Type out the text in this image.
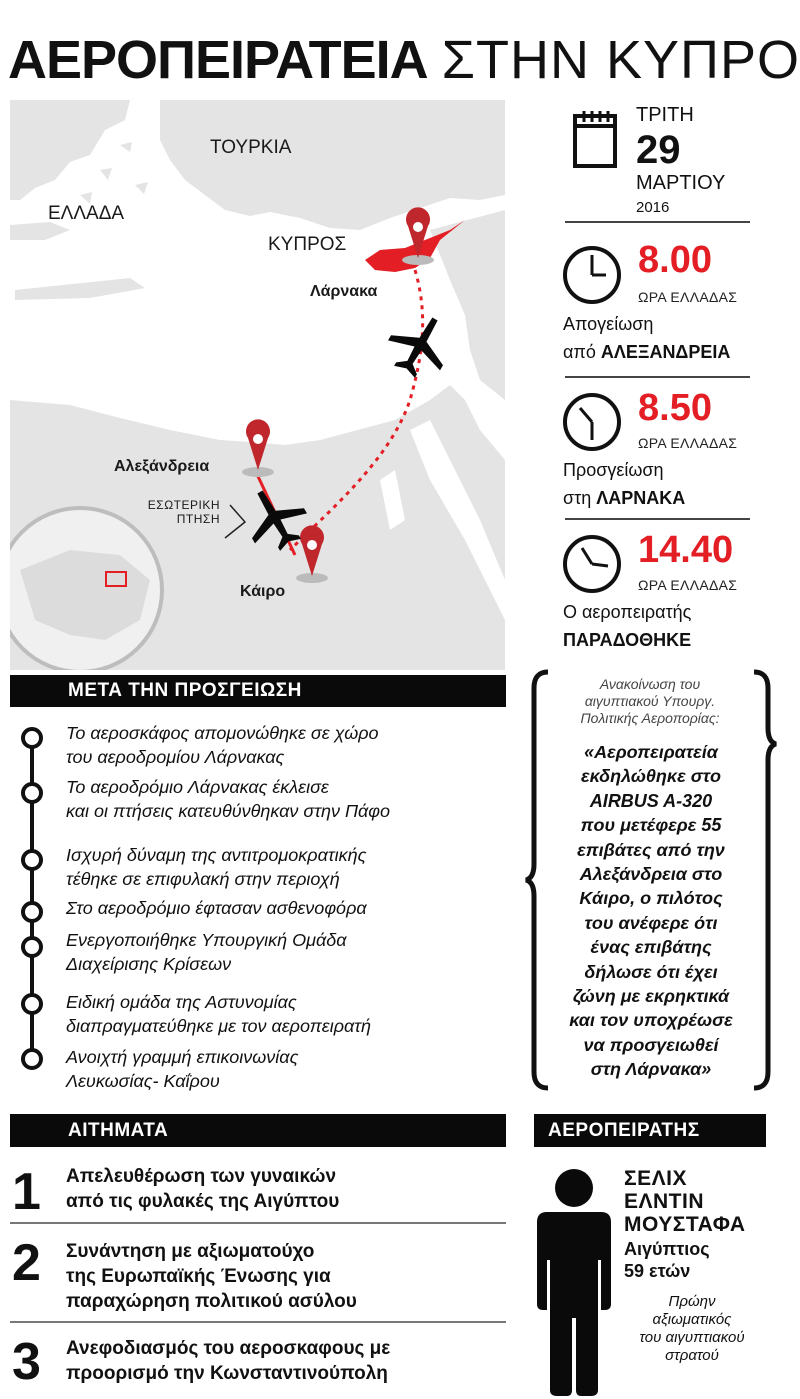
ΑΕΡΟΠΕΙΡΑΤΕΙΑ ΣΤΗΝ ΚΥΠΡΟ
ΤΟΥΡΚΙΑ
ΕΛΛΑΔΑ
ΚΥΠΡΟΣ
Λάρνακα
Αλεξάνδρεια
Κάιρο
ΕΣΩΤΕΡΙΚΗ
ΠΤΗΣΗ
ΤΡΙΤΗ
29
ΜΑΡΤΙΟΥ
2016
8.00
ΩΡΑ ΕΛΛΑΔΑΣ
Απογείωση
από ΑΛΕΞΑΝΔΡΕΙΑ
8.50
ΩΡΑ ΕΛΛΑΔΑΣ
Προσγείωση
στη ΛΑΡΝΑΚΑ
14.40
ΩΡΑ ΕΛΛΑΔΑΣ
Ο αεροπειρατής
ΠΑΡΑΔΟΘΗΚΕ
ΜΕΤΑ ΤΗΝ ΠΡΟΣΓΕΙΩΣΗ
Το αεροσκάφος απομονώθηκε σε χώρο
του αεροδρομίου Λάρνακας
Το αεροδρόμιο Λάρνακας έκλεισε
και οι πτήσεις κατευθύνθηκαν στην Πάφο
Ισχυρή δύναμη της αντιτρομοκρατικής
τέθηκε σε επιφυλακή στην περιοχή
Στο αεροδρόμιο έφτασαν ασθενοφόρα
Ενεργοποιήθηκε Υπουργική Ομάδα
Διαχείρισης Κρίσεων
Ειδική ομάδα της Αστυνομίας
διαπραγματεύθηκε με τον αεροπειρατή
Ανοιχτή γραμμή επικοινωνίας
Λευκωσίας- Καΐρου
Ανακοίνωση του
αιγυπτιακού Υπουργ.
Πολιτικής Αεροπορίας:
«Αεροπειρατεία
εκδηλώθηκε στο
AIRBUS A-320
που μετέφερε 55
επιβάτες από την
Αλεξάνδρεια στο
Κάιρο, ο πιλότος
του ανέφερε ότι
ένας επιβάτης
δήλωσε ότι έχει
ζώνη με εκρηκτικά
και τον υποχρέωσε
να προσγειωθεί
στη Λάρνακα»
ΑΙΤΗΜΑΤΑ
1 Απελευθέρωση των γυναικών
από τις φυλακές της Αιγύπτου
2 Συνάντηση με αξιωματούχο
της Ευρωπαϊκής Ένωσης για
παραχώρηση πολιτικού ασύλου
3 Ανεφοδιασμός του αεροσκαφους με
προορισμό την Κωνσταντινούπολη
ΑΕΡΟΠΕΙΡΑΤΗΣ
ΣΕΛΙΧ
ΕΛΝΤΙΝ
ΜΟΥΣΤΑΦΑ
Αιγύπτιος
59 ετών
Πρώην
αξιωματικός
του αιγυπτιακού
στρατού
